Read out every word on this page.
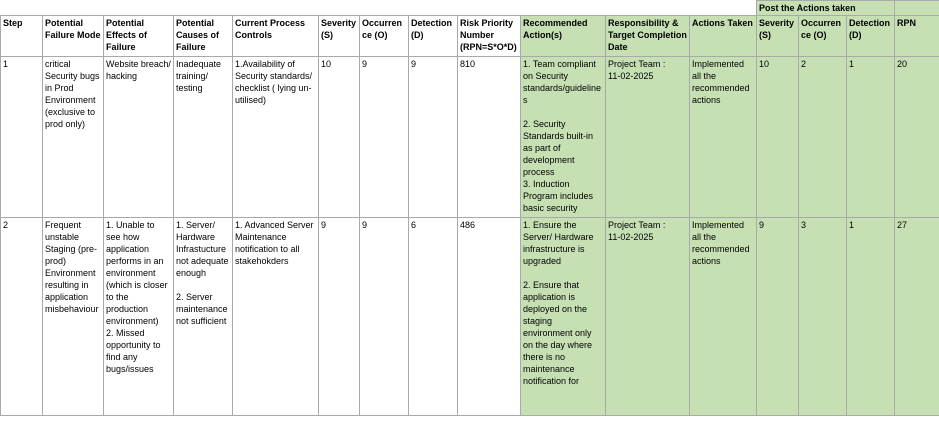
												Post the Actions taken			
Step	Potential Failure Mode	Potential Effects of Failure	Potential Causes of Failure	Current Process Controls	Severity (S)	Occurrence (O)	Detection (D)	Risk Priority Number (RPN=S*O*D)	Recommended Action(s)	Responsibility & Target Completion Date	Actions Taken	Severity (S)	Occurrence (O)	Detection (D)	RPN

1	critical Security bugs in Prod Environment (exclusive to prod only)	Website breach/ hacking	Inadequate training/ testing	1.Availability of Security standards/ checklist ( lying un-utilised)	10	9	9	810	1. Team compliant on Security standards/guidelines

2. Security Standards built-in as part of development process
3. Induction Program includes basic security	Project Team :
11-02-2025	Implemented all the recommended actions	10	2	1	20

2	Frequent unstable Staging (pre-prod) Environment resulting in application misbehaviour	1. Unable to see how application performs in an environment (which is closer to the production environment)
2. Missed opportunity to find any bugs/issues	1. Server/ Hardware Infrastucture not adequate enough

2. Server maintenance not sufficient	1. Advanced Server Maintenance notification to all stakehokders	9	9	6	486	1. Ensure the Server/ Hardware infrastructure is upgraded

2. Ensure that application is deployed on the staging environment only on the day where there is no maintenance notification for	Project Team :
11-02-2025	Implemented all the recommended actions	9	3	1	27
